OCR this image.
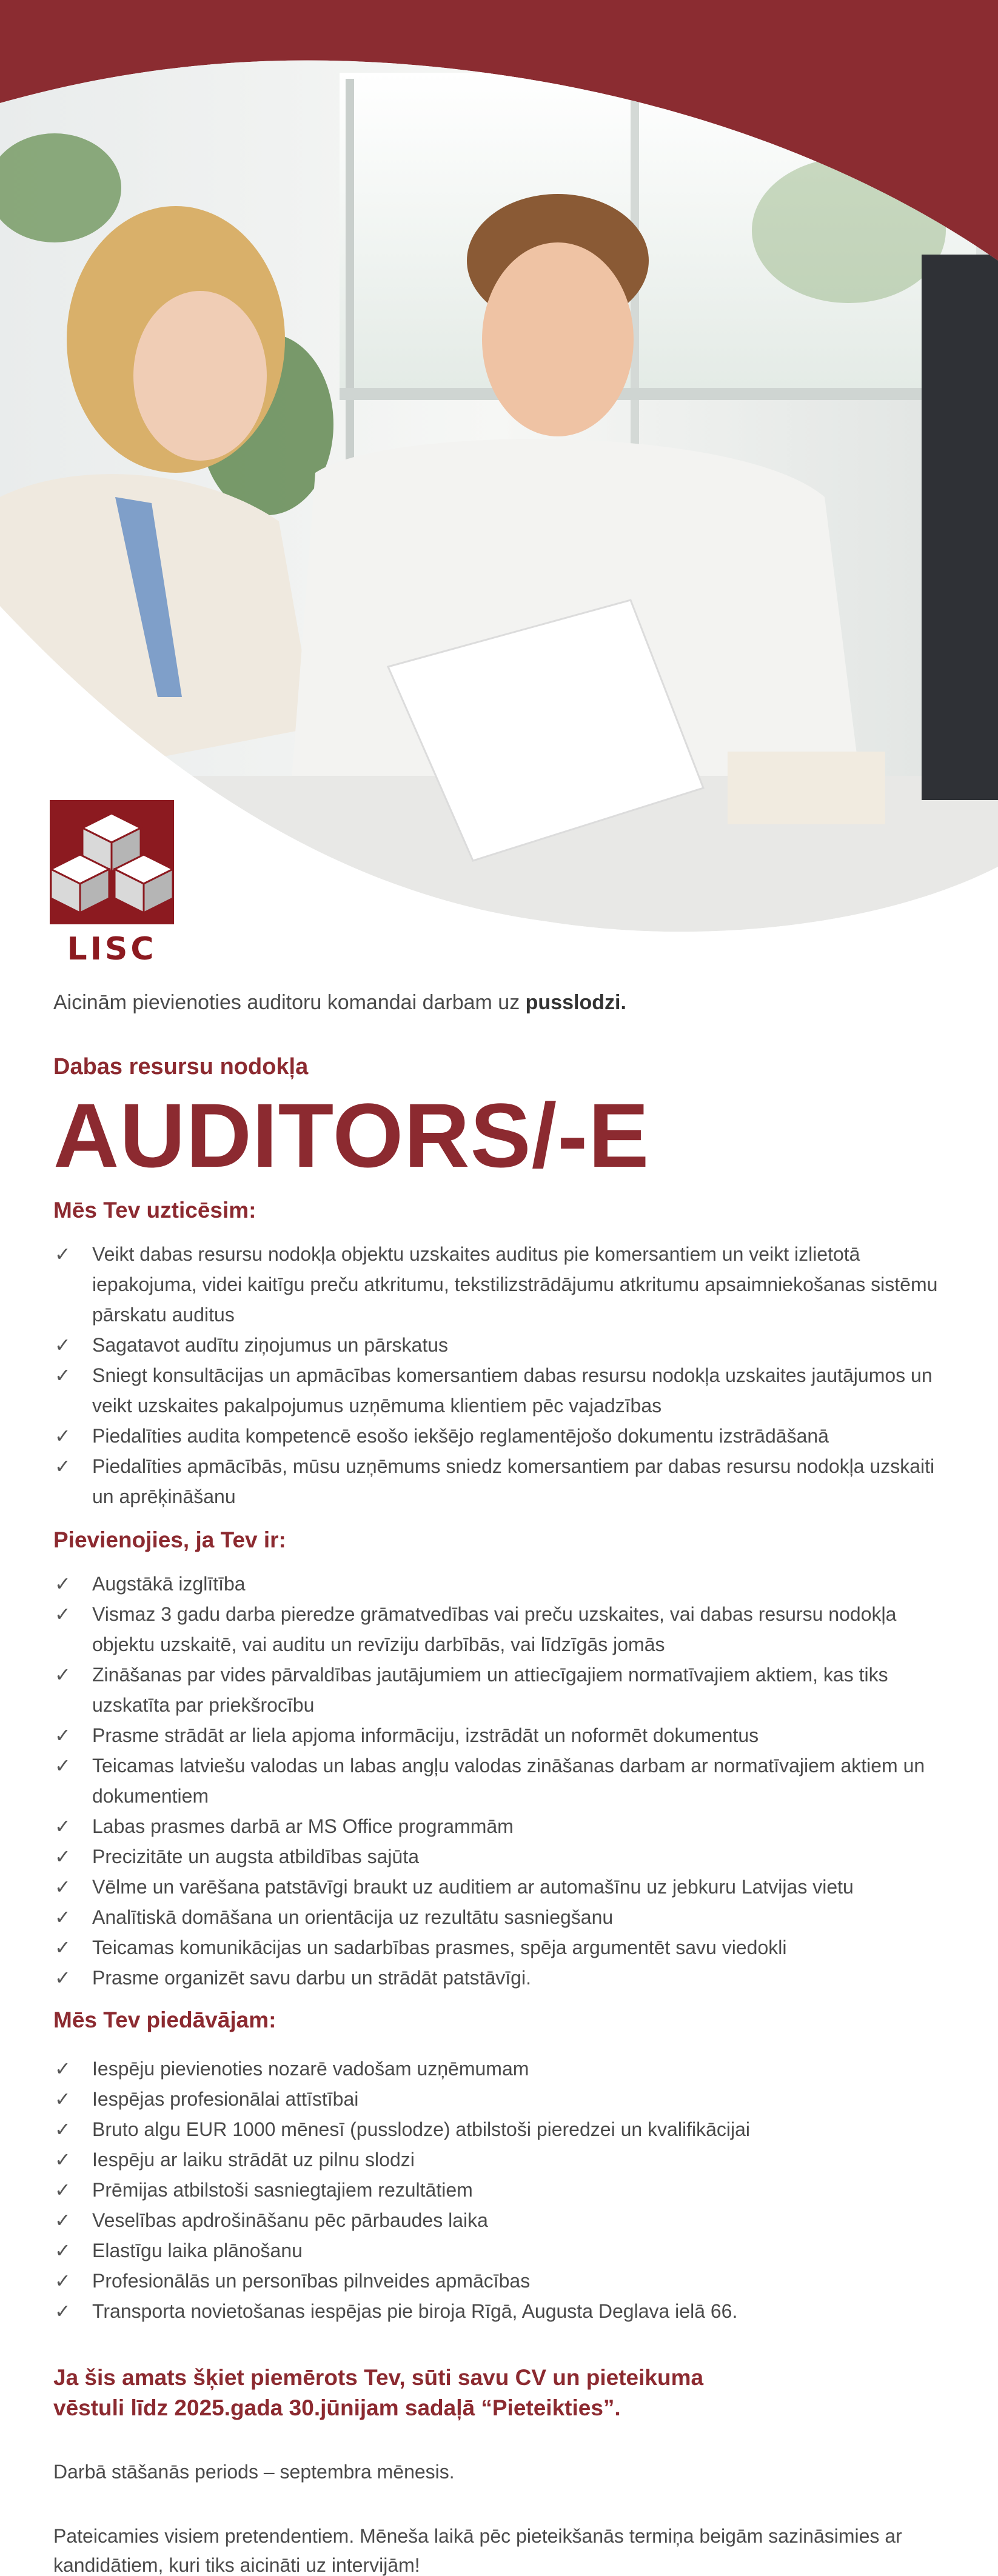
LISC

Aicinām pievienoties auditoru komandai darbam uz pusslodzi.

Dabas resursu nodokļa
AUDITORS/-E
Mēs Tev uzticēsim:
✓	Veikt dabas resursu nodokļa objektu uzskaites auditus pie komersantiem un veikt izlietotā iepakojuma, videi kaitīgu preču atkritumu, tekstilizstrādājumu atkritumu apsaimniekošanas sistēmu pārskatu auditus
✓	Sagatavot audītu ziņojumus un pārskatus
✓	Sniegt konsultācijas un apmācības komersantiem dabas resursu nodokļa uzskaites jautājumos un veikt uzskaites pakalpojumus uzņēmuma klientiem pēc vajadzības
✓	Piedalīties audita kompetencē esošo iekšējo reglamentējošo dokumentu izstrādāšanā
✓	Piedalīties apmācībās, mūsu uzņēmums sniedz komersantiem par dabas resursu nodokļa uzskaiti un aprēķināšanu
Pievienojies, ja Tev ir:
✓	Augstākā izglītība
✓	Vismaz 3 gadu darba pieredze grāmatvedības vai preču uzskaites, vai dabas resursu nodokļa objektu uzskaitē, vai auditu un revīziju darbībās, vai līdzīgās jomās
✓	Zināšanas par vides pārvaldības jautājumiem un attiecīgajiem normatīvajiem aktiem, kas tiks uzskatīta par priekšrocību
✓	Prasme strādāt ar liela apjoma informāciju, izstrādāt un noformēt dokumentus
✓	Teicamas latviešu valodas un labas angļu valodas zināšanas darbam ar normatīvajiem aktiem un dokumentiem
✓	Labas prasmes darbā ar MS Office programmām
✓	Precizitāte un augsta atbildības sajūta
✓	Vēlme un varēšana patstāvīgi braukt uz auditiem ar automašīnu uz jebkuru Latvijas vietu
✓	Analītiskā domāšana un orientācija uz rezultātu sasniegšanu
✓	Teicamas komunikācijas un sadarbības prasmes, spēja argumentēt savu viedokli
✓	Prasme organizēt savu darbu un strādāt patstāvīgi.
Mēs Tev piedāvājam:
✓	Iespēju pievienoties nozarē vadošam uzņēmumam
✓	Iespējas profesionālai attīstībai
✓	Bruto algu EUR 1000 mēnesī (pusslodze) atbilstoši pieredzei un kvalifikācijai
✓	Iespēju ar laiku strādāt uz pilnu slodzi
✓	Prēmijas atbilstoši sasniegtajiem rezultātiem
✓	Veselības apdrošināšanu pēc pārbaudes laika
✓	Elastīgu laika plānošanu
✓	Profesionālās un personības pilnveides apmācības
✓	Transporta novietošanas iespējas pie biroja Rīgā, Augusta Deglava ielā 66.

Ja šis amats šķiet piemērots Tev, sūti savu CV un pieteikuma vēstuli līdz 2025.gada 30.jūnijam sadaļā “Pieteikties”.

Darbā stāšanās periods – septembra mēnesis.

Pateicamies visiem pretendentiem. Mēneša laikā pēc pieteikšanās termiņa beigām sazināsimies ar kandidātiem, kuri tiks aicināti uz intervijām!
